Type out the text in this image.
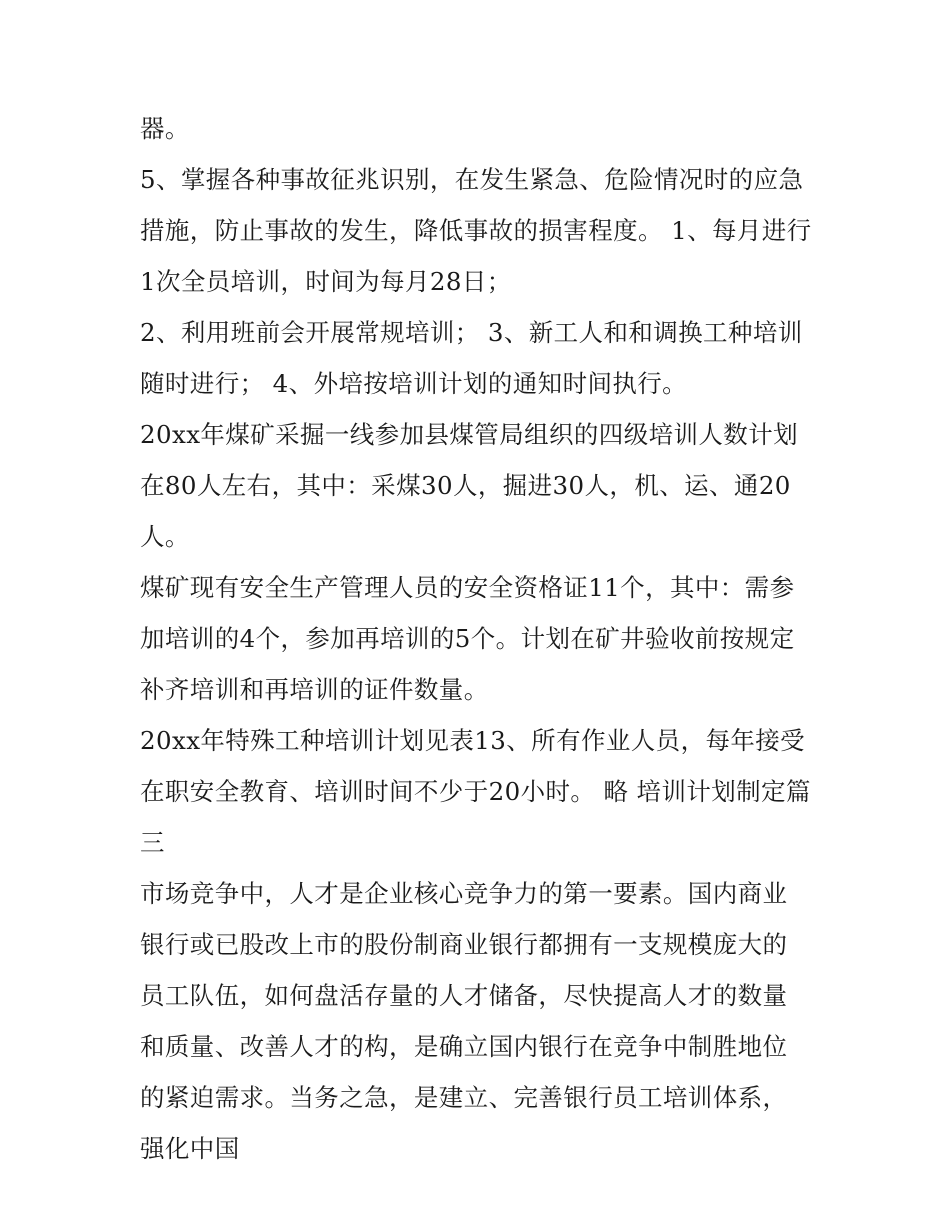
器。

5、掌握各种事故征兆识别，在发生紧急、危险情况时的应急措施，防止事故的发生，降低事故的损害程度。 1、每月进行1次全员培训，时间为每月28日；

2、利用班前会开展常规培训； 3、新工人和和调换工种培训随时进行； 4、外培按培训计划的通知时间执行。

20xx年煤矿采掘一线参加县煤管局组织的四级培训人数计划在80人左右，其中：采煤30人，掘进30人，机、运、通20人。

煤矿现有安全生产管理人员的安全资格证11个，其中：需参加培训的4个，参加再培训的5个。计划在矿井验收前按规定补齐培训和再培训的证件数量。

20xx年特殊工种培训计划见表13、所有作业人员，每年接受在职安全教育、培训时间不少于20小时。 略 培训计划制定篇三

市场竞争中，人才是企业核心竞争力的第一要素。国内商业银行或已股改上市的股份制商业银行都拥有一支规模庞大的员工队伍，如何盘活存量的人才储备，尽快提高人才的数量和质量、改善人才的构，是确立国内银行在竞争中制胜地位的紧迫需求。当务之急，是建立、完善银行员工培训体系，强化中国
